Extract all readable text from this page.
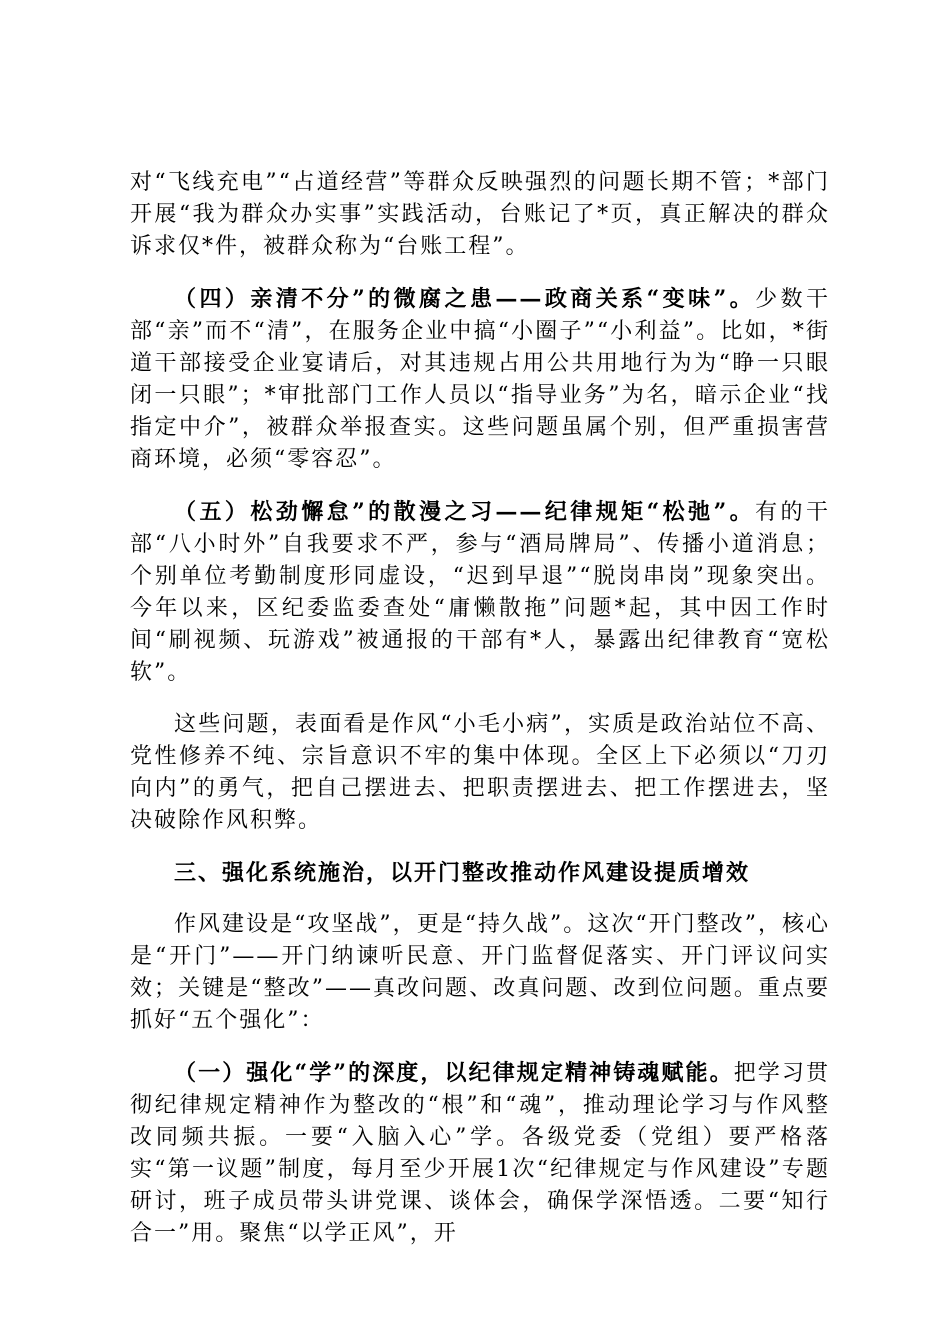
对“飞线充电”“占道经营”等群众反映强烈的问题长期不管；*部门开展“我为群众办实事”实践活动，台账记了*页，真正解决的群众诉求仅*件，被群众称为“台账工程”。

（四）亲清不分”的微腐之患——政商关系“变味”。少数干部“亲”而不“清”，在服务企业中搞“小圈子”“小利益”。比如，*街道干部接受企业宴请后，对其违规占用公共用地行为为“睁一只眼闭一只眼”；*审批部门工作人员以“指导业务”为名，暗示企业“找指定中介”，被群众举报查实。这些问题虽属个别，但严重损害营商环境，必须“零容忍”。

（五）松劲懈怠”的散漫之习——纪律规矩“松弛”。有的干部“八小时外”自我要求不严，参与“酒局牌局”、传播小道消息；个别单位考勤制度形同虚设，“迟到早退”“脱岗串岗”现象突出。今年以来，区纪委监委查处“庸懒散拖”问题*起，其中因工作时间“刷视频、玩游戏”被通报的干部有*人，暴露出纪律教育“宽松软”。

这些问题，表面看是作风“小毛小病”，实质是政治站位不高、党性修养不纯、宗旨意识不牢的集中体现。全区上下必须以“刀刃向内”的勇气，把自己摆进去、把职责摆进去、把工作摆进去，坚决破除作风积弊。

三、强化系统施治，以开门整改推动作风建设提质增效

作风建设是“攻坚战”，更是“持久战”。这次“开门整改”，核心是“开门”——开门纳谏听民意、开门监督促落实、开门评议问实效；关键是“整改”——真改问题、改真问题、改到位问题。重点要抓好“五个强化”：

（一）强化“学”的深度，以纪律规定精神铸魂赋能。把学习贯彻纪律规定精神作为整改的“根”和“魂”，推动理论学习与作风整改同频共振。一要“入脑入心”学。各级党委（党组）要严格落实“第一议题”制度，每月至少开展1次“纪律规定与作风建设”专题研讨，班子成员带头讲党课、谈体会，确保学深悟透。二要“知行合一”用。聚焦“以学正风”，开
